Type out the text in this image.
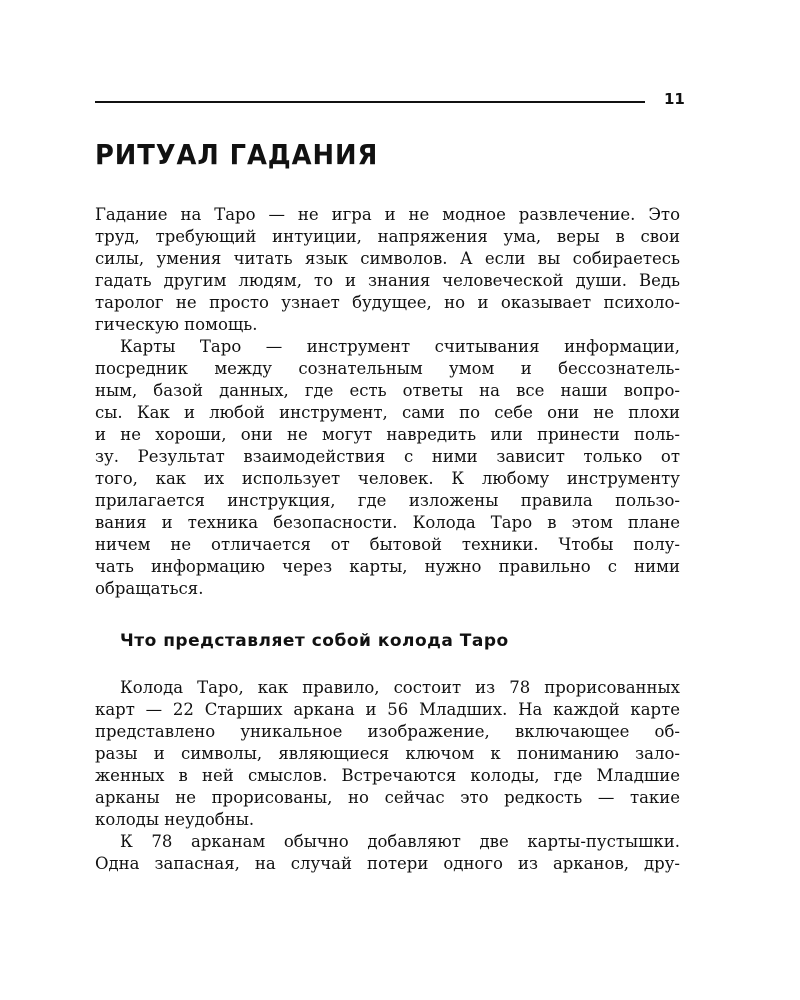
11
РИТУАЛ ГАДАНИЯ
Гадание на Таро — не игра и не модное развлечение. Это
труд, требующий интуиции, напряжения ума, веры в свои
силы, умения читать язык символов. А если вы собираетесь
гадать другим людям, то и знания человеческой души. Ведь
таролог не просто узнает будущее, но и оказывает психоло-
гическую помощь.
Карты Таро — инструмент считывания информации,
посредник между сознательным умом и бессознатель-
ным, базой данных, где есть ответы на все наши вопро-
сы. Как и любой инструмент, сами по себе они не плохи
и не хороши, они не могут навредить или принести поль-
зу. Результат взаимодействия с ними зависит только от
того, как их использует человек. К любому инструменту
прилагается инструкция, где изложены правила пользо-
вания и техника безопасности. Колода Таро в этом плане
ничем не отличается от бытовой техники. Чтобы полу-
чать информацию через карты, нужно правильно с ними
обращаться.
Что представляет собой колода Таро
Колода Таро, как правило, состоит из 78 прорисованных
карт — 22 Старших аркана и 56 Младших. На каждой карте
представлено уникальное изображение, включающее об-
разы и символы, являющиеся ключом к пониманию зало-
женных в ней смыслов. Встречаются колоды, где Младшие
арканы не прорисованы, но сейчас это редкость — такие
колоды неудобны.
К 78 арканам обычно добавляют две карты-пустышки.
Одна запасная, на случай потери одного из арканов, дру-
